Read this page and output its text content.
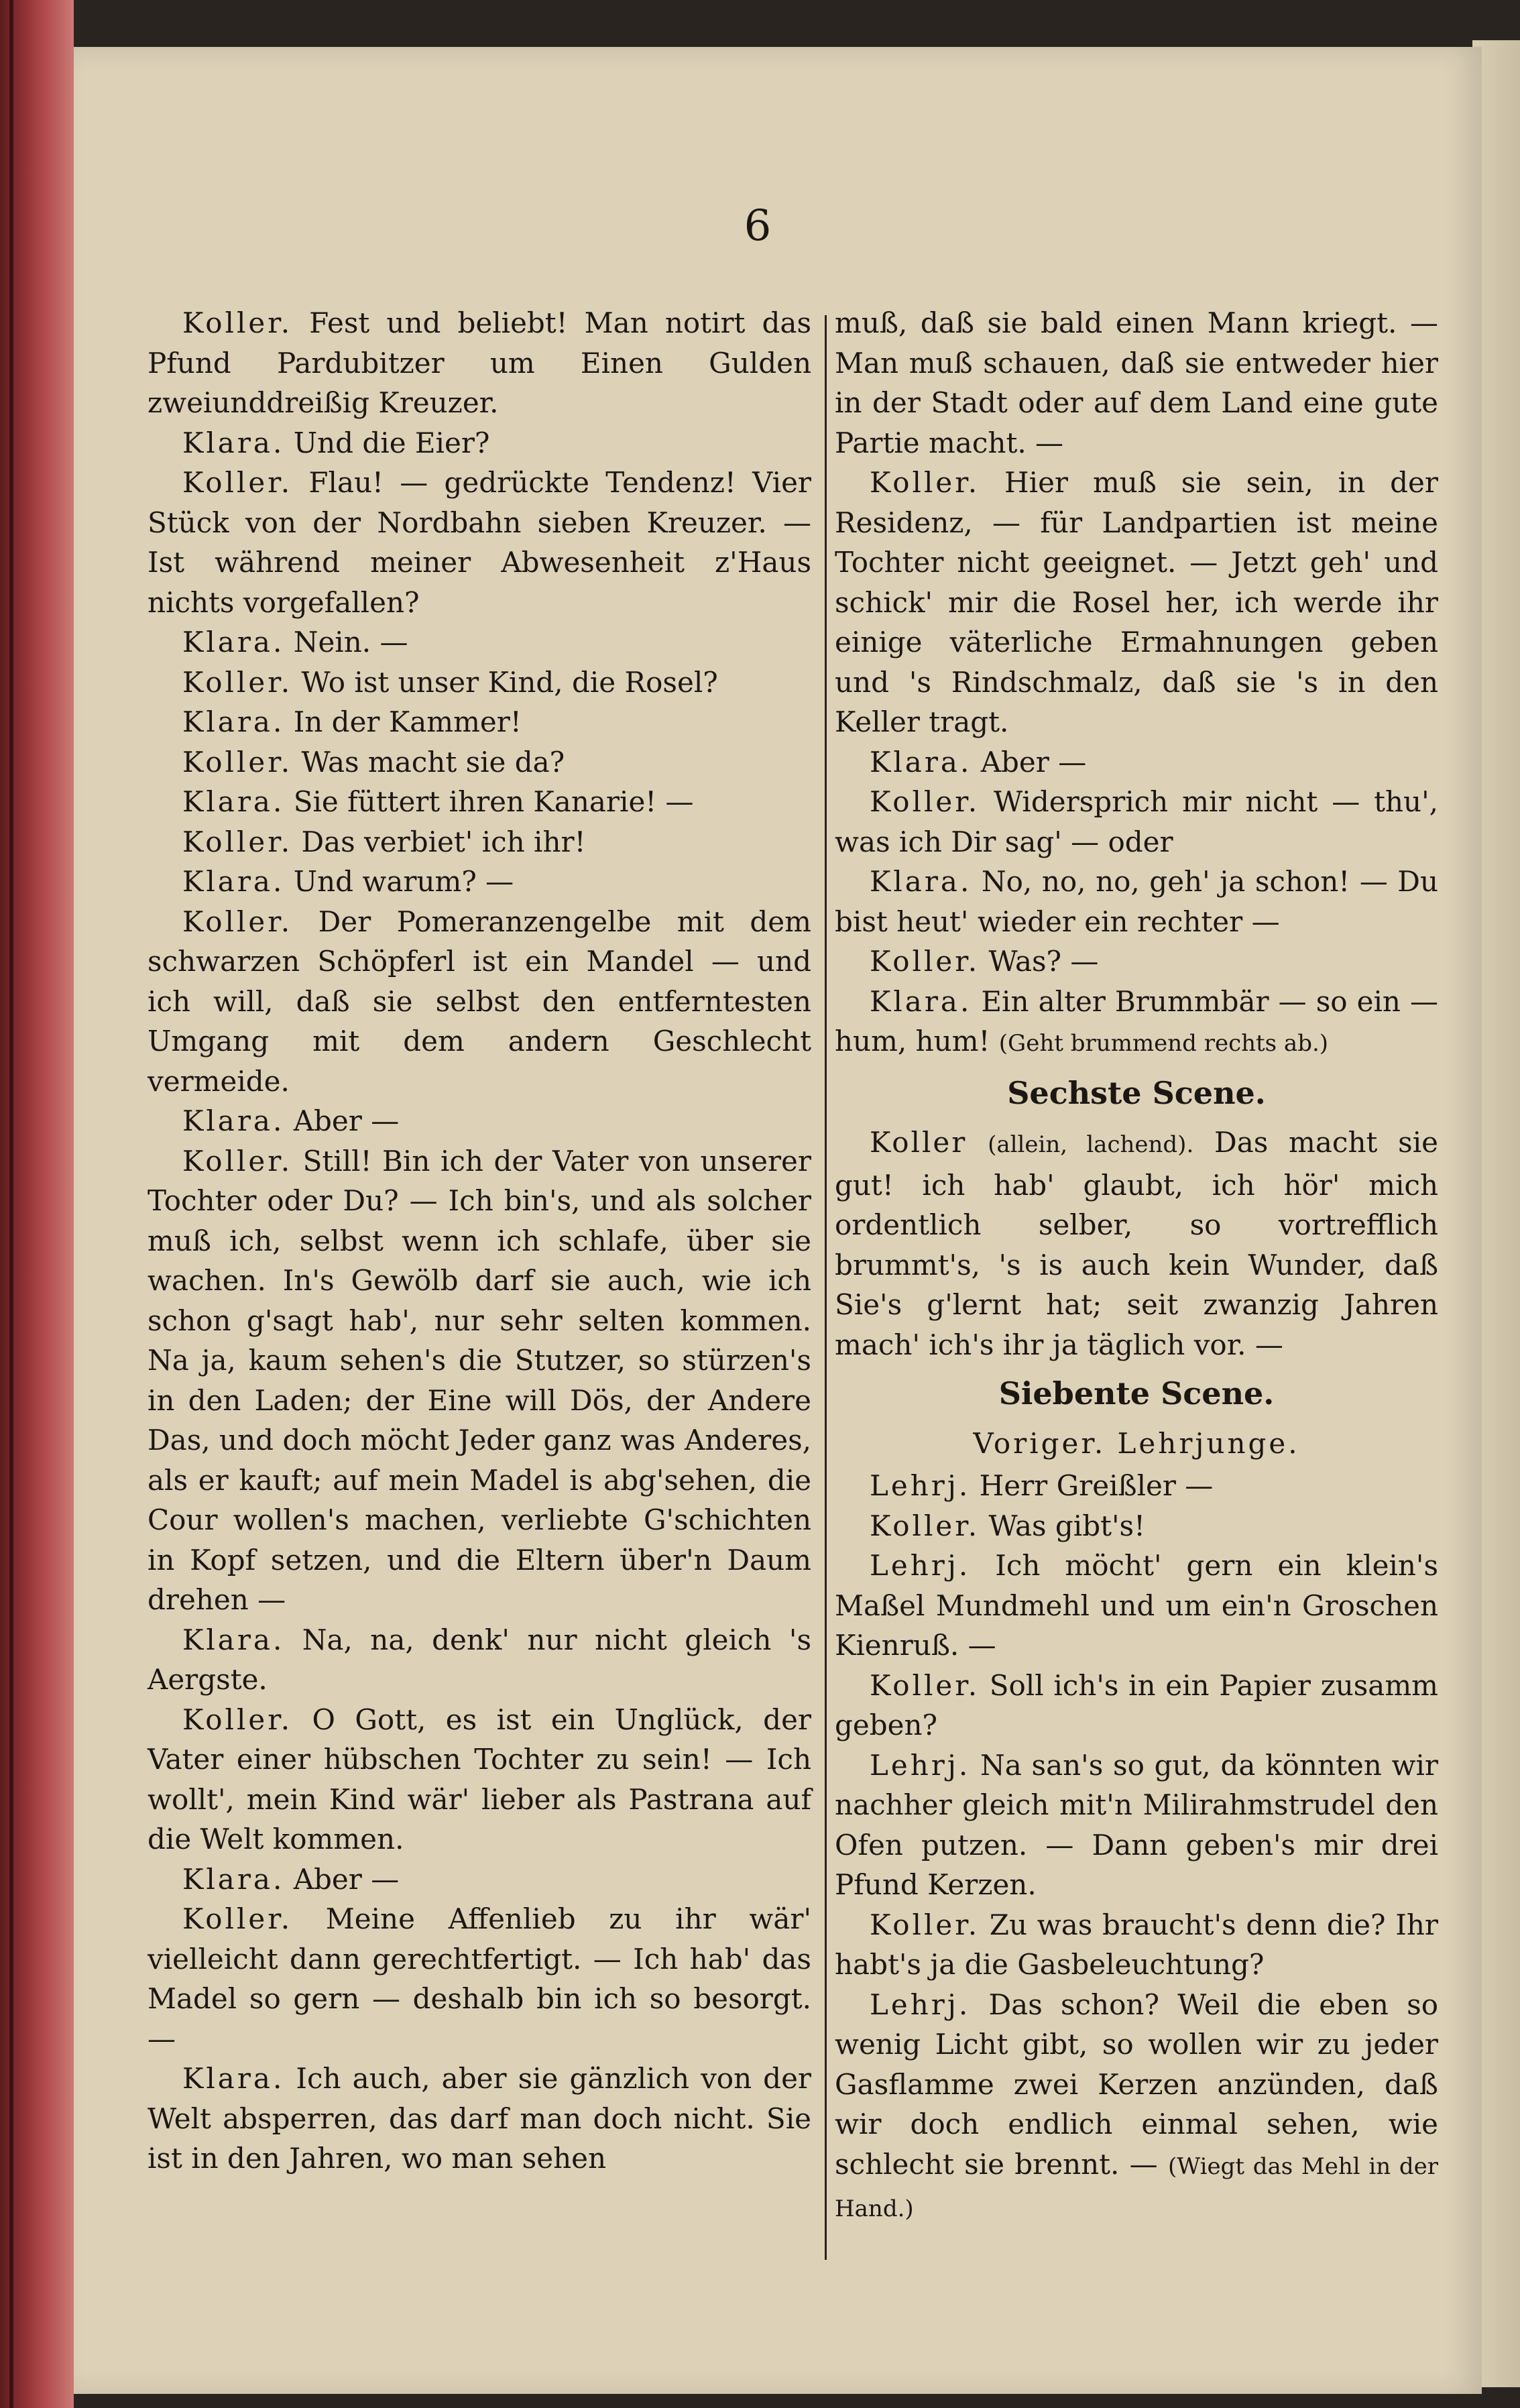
6

Koller. Fest und beliebt! Man notirt das Pfund Pardubitzer um Einen Gulden zweiunddreißig Kreuzer.

Klara. Und die Eier?

Koller. Flau! — gedrückte Tendenz! Vier Stück von der Nordbahn sieben Kreuzer. — Ist während meiner Abwesenheit z'Haus nichts vorgefallen?

Klara. Nein. —

Koller. Wo ist unser Kind, die Rosel?

Klara. In der Kammer!

Koller. Was macht sie da?

Klara. Sie füttert ihren Kanarie! —

Koller. Das verbiet' ich ihr!

Klara. Und warum? —

Koller. Der Pomeranzengelbe mit dem schwarzen Schöpferl ist ein Mandel — und ich will, daß sie selbst den entferntesten Umgang mit dem andern Geschlecht vermeide.

Klara. Aber —

Koller. Still! Bin ich der Vater von unserer Tochter oder Du? — Ich bin's, und als solcher muß ich, selbst wenn ich schlafe, über sie wachen. In's Gewölb darf sie auch, wie ich schon g'sagt hab', nur sehr selten kommen. Na ja, kaum sehen's die Stutzer, so stürzen's in den Laden; der Eine will Dös, der Andere Das, und doch möcht Jeder ganz was Anderes, als er kauft; auf mein Madel is abg'sehen, die Cour wollen's machen, verliebte G'schichten in Kopf setzen, und die Eltern über'n Daum drehen —

Klara. Na, na, denk' nur nicht gleich 's Aergste.

Koller. O Gott, es ist ein Unglück, der Vater einer hübschen Tochter zu sein! — Ich wollt', mein Kind wär' lieber als Pastrana auf die Welt kommen.

Klara. Aber —

Koller. Meine Affenlieb zu ihr wär' vielleicht dann gerechtfertigt. — Ich hab' das Madel so gern — deshalb bin ich so besorgt. —

Klara. Ich auch, aber sie gänzlich von der Welt absperren, das darf man doch nicht. Sie ist in den Jahren, wo man sehen

muß, daß sie bald einen Mann kriegt. — Man muß schauen, daß sie entweder hier in der Stadt oder auf dem Land eine gute Partie macht. —

Koller. Hier muß sie sein, in der Residenz, — für Landpartien ist meine Tochter nicht geeignet. — Jetzt geh' und schick' mir die Rosel her, ich werde ihr einige väterliche Ermahnungen geben und 's Rindschmalz, daß sie 's in den Keller tragt.

Klara. Aber —

Koller. Widersprich mir nicht — thu', was ich Dir sag' — oder

Klara. No, no, no, geh' ja schon! — Du bist heut' wieder ein rechter —

Koller. Was? —

Klara. Ein alter Brummbär — so ein — hum, hum! (Geht brummend rechts ab.)

Sechste Scene.

Koller (allein, lachend). Das macht sie gut! ich hab' glaubt, ich hör' mich ordentlich selber, so vortrefflich brummt's, 's is auch kein Wunder, daß Sie's g'lernt hat; seit zwanzig Jahren mach' ich's ihr ja täglich vor. —

Siebente Scene.
Voriger. Lehrjunge.

Lehrj. Herr Greißler —

Koller. Was gibt's!

Lehrj. Ich möcht' gern ein klein's Maßel Mundmehl und um ein'n Groschen Kienruß. —

Koller. Soll ich's in ein Papier zusamm geben?

Lehrj. Na san's so gut, da könnten wir nachher gleich mit'n Milirahmstrudel den Ofen putzen. — Dann geben's mir drei Pfund Kerzen.

Koller. Zu was braucht's denn die? Ihr habt's ja die Gasbeleuchtung?

Lehrj. Das schon? Weil die eben so wenig Licht gibt, so wollen wir zu jeder Gasflamme zwei Kerzen anzünden, daß wir doch endlich einmal sehen, wie schlecht sie brennt. — (Wiegt das Mehl in der Hand.)
